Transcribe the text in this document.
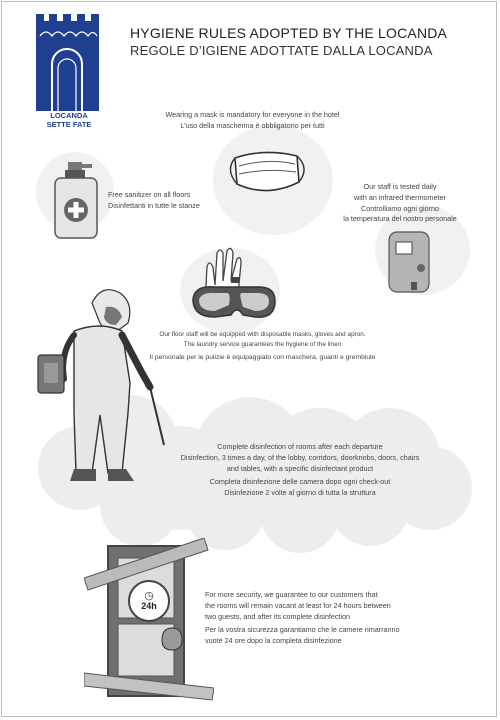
LOCANDA
SETTE FATE
HYGIENE RULES ADOPTED BY THE LOCANDA
REGOLE D’IGIENE ADOTTATE DALLA LOCANDA
Wearing a mask is mandatory for everyone in the hotel
L’uso della mascherina è obbligatorio per tutti
Free sanitizer on all floors
Disinfettanti in tutte le stanze
Our staff is tested daily
with an infrared thermometer
Controlliamo ogni giorno
la temperatura del nostro personale
Our floor staff will be equipped with disposable masks, gloves and apron.
The laundry service guarantees the hygiene of the linen
Il personale per le pulizie è equipaggiato con maschera, guanti e grembiule
Complete disinfection of rooms after each departure
Disinfection, 3 times a day, of the lobby, corridors, doorknobs, doors, chairs
and tables, with a specific disinfectant product
Completa disinfezione delle camera dopo ogni check-out
Disinfezione 2 volte al giorno di tutta la struttura
◷
24h
For more security, we guarantee to our customers that
the rooms will remain vacant at least for 24 hours between
two guests, and after its complete disinfection
Per la vostra sicurezza garantiamo che le camere rimarranno
vuote 24 ore dopo la completa disinfezione
